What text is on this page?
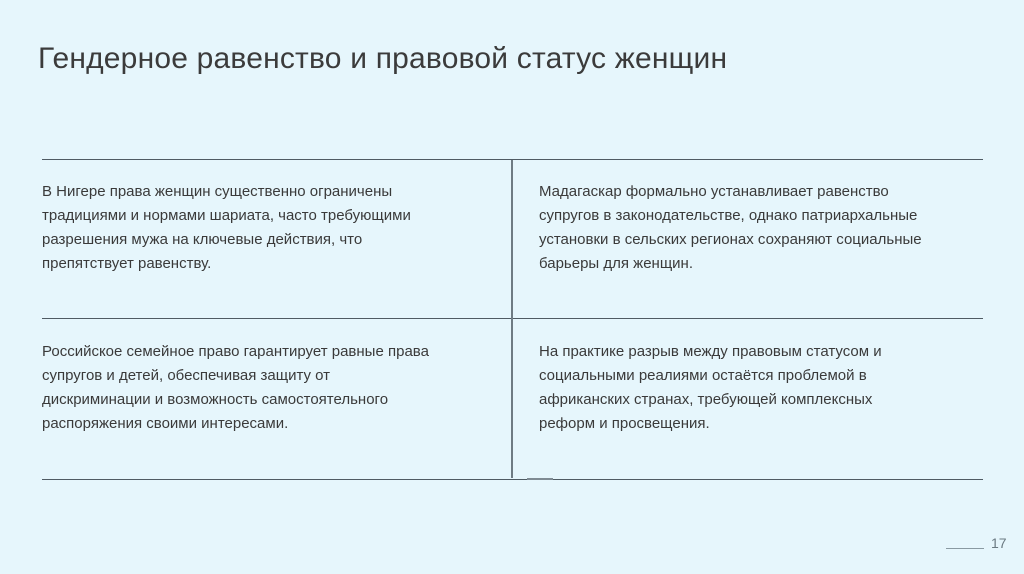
Гендерное равенство и правовой статус женщин
В Нигере права женщин существенно ограничены
традициями и нормами шариата, часто требующими
разрешения мужа на ключевые действия, что
препятствует равенству.
Мадагаскар формально устанавливает равенство
супругов в законодательстве, однако патриархальные
установки в сельских регионах сохраняют социальные
барьеры для женщин.
Российское семейное право гарантирует равные права
супругов и детей, обеспечивая защиту от
дискриминации и возможность самостоятельного
распоряжения своими интересами.
На практике разрыв между правовым статусом и
социальными реалиями остаётся проблемой в
африканских странах, требующей комплексных
реформ и просвещения.
17
